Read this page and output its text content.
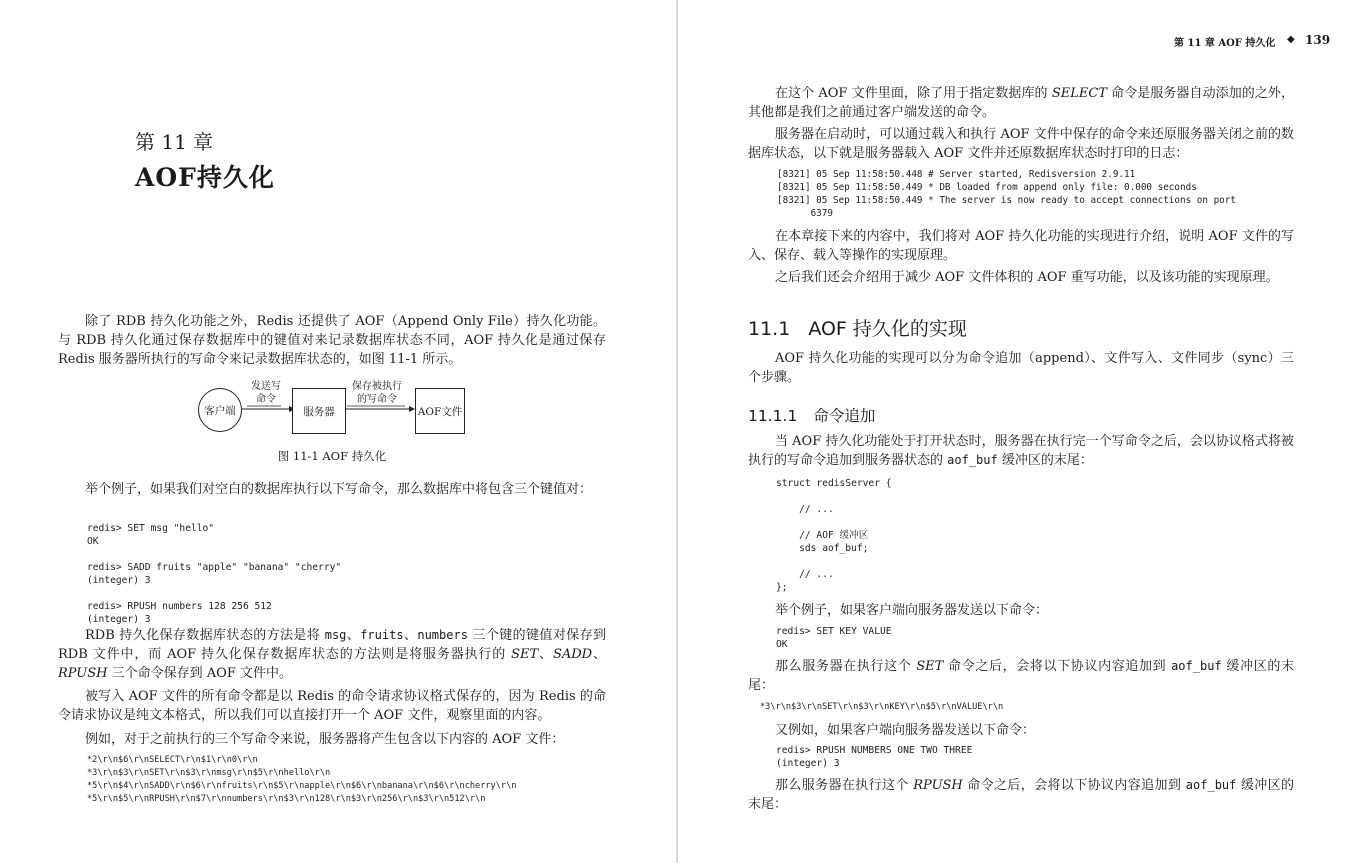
第 11 章
AOF持久化
除了 RDB 持久化功能之外，Redis 还提供了 AOF（Append Only File）持久化功能。与 RDB 持久化通过保存数据库中的键值对来记录数据库状态不同，AOF 持久化是通过保存 Redis 服务器所执行的写命令来记录数据库状态的，如图 11-1 所示。
客户端
发送写
命令
服务器
保存被执行
的写命令
AOF文件
图 11-1 AOF 持久化
举个例子，如果我们对空白的数据库执行以下写命令，那么数据库中将包含三个键值对：
redis> SET msg "hello"
OK

redis> SADD fruits "apple" "banana" "cherry"
(integer) 3

redis> RPUSH numbers 128 256 512
(integer) 3
RDB 持久化保存数据库状态的方法是将 msg、fruits、numbers 三个键的键值对保存到 RDB 文件中，而 AOF 持久化保存数据库状态的方法则是将服务器执行的 SET、SADD、RPUSH 三个命令保存到 AOF 文件中。
被写入 AOF 文件的所有命令都是以 Redis 的命令请求协议格式保存的，因为 Redis 的命令请求协议是纯文本格式，所以我们可以直接打开一个 AOF 文件，观察里面的内容。
例如，对于之前执行的三个写命令来说，服务器将产生包含以下内容的 AOF 文件：
*2\r\n$6\r\nSELECT\r\n$1\r\n0\r\n
*3\r\n$3\r\nSET\r\n$3\r\nmsg\r\n$5\r\nhello\r\n
*5\r\n$4\r\nSADD\r\n$6\r\nfruits\r\n$5\r\napple\r\n$6\r\nbanana\r\n$6\r\ncherry\r\n
*5\r\n$5\r\nRPUSH\r\n$7\r\nnumbers\r\n$3\r\n128\r\n$3\r\n256\r\n$3\r\n512\r\n
第 11 章 AOF 持久化 ◆ 139
在这个 AOF 文件里面，除了用于指定数据库的 SELECT 命令是服务器自动添加的之外，其他都是我们之前通过客户端发送的命令。
服务器在启动时，可以通过载入和执行 AOF 文件中保存的命令来还原服务器关闭之前的数据库状态，以下就是服务器载入 AOF 文件并还原数据库状态时打印的日志：
[8321] 05 Sep 11:58:50.448 # Server started, Redisversion 2.9.11
[8321] 05 Sep 11:58:50.449 * DB loaded from append only file: 0.000 seconds
[8321] 05 Sep 11:58:50.449 * The server is now ready to accept connections on port
6379
在本章接下来的内容中，我们将对 AOF 持久化功能的实现进行介绍，说明 AOF 文件的写入、保存、载入等操作的实现原理。
之后我们还会介绍用于减少 AOF 文件体积的 AOF 重写功能，以及该功能的实现原理。
11.1 AOF 持久化的实现
AOF 持久化功能的实现可以分为命令追加（append）、文件写入、文件同步（sync）三个步骤。
11.1.1 命令追加
当 AOF 持久化功能处于打开状态时，服务器在执行完一个写命令之后，会以协议格式将被执行的写命令追加到服务器状态的 aof_buf 缓冲区的末尾：
struct redisServer {

// ...

// AOF 缓冲区
sds aof_buf;

// ...
};
举个例子，如果客户端向服务器发送以下命令：
redis> SET KEY VALUE
OK
那么服务器在执行这个 SET 命令之后，会将以下协议内容追加到 aof_buf 缓冲区的末尾：
*3\r\n$3\r\nSET\r\n$3\r\nKEY\r\n$5\r\nVALUE\r\n
又例如，如果客户端向服务器发送以下命令：
redis> RPUSH NUMBERS ONE TWO THREE
(integer) 3
那么服务器在执行这个 RPUSH 命令之后，会将以下协议内容追加到 aof_buf 缓冲区的末尾：
